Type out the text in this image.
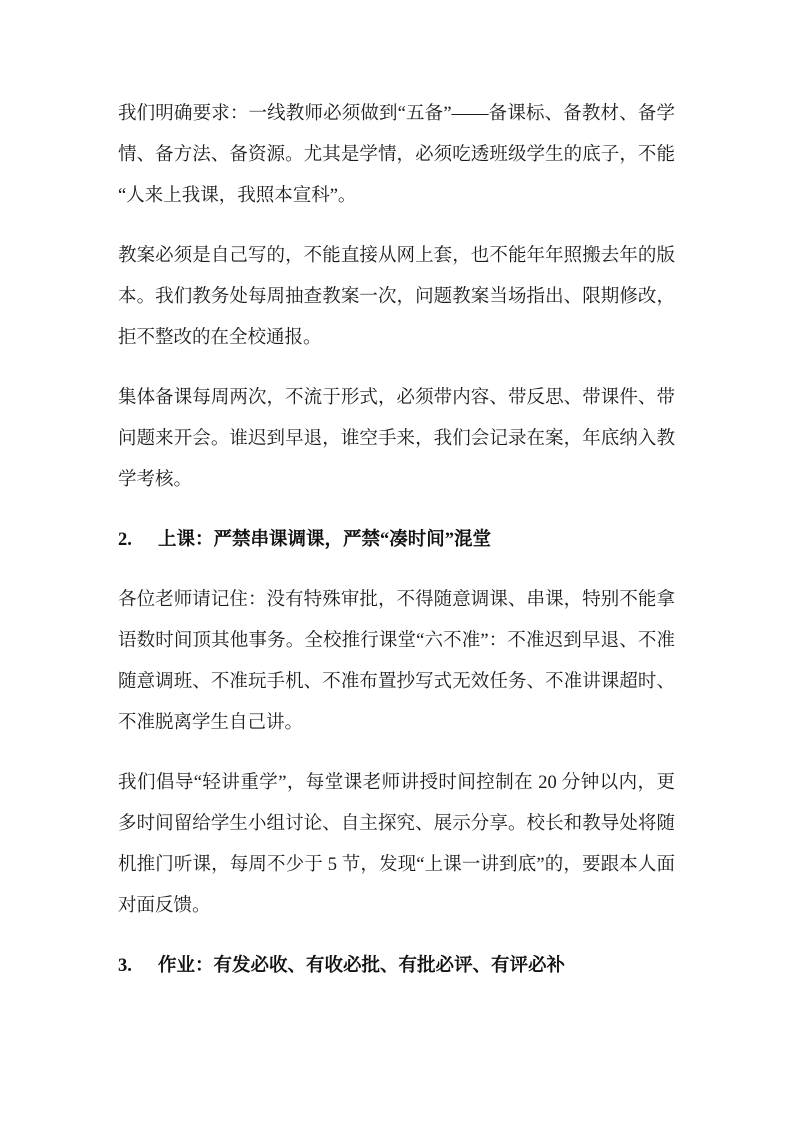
我们明确要求：一线教师必须做到“五备”——备课标、备教材、备学情、备方法、备资源。尤其是学情，必须吃透班级学生的底子，不能“人来上我课，我照本宣科”。

教案必须是自己写的，不能直接从网上套，也不能年年照搬去年的版本。我们教务处每周抽查教案一次，问题教案当场指出、限期修改，拒不整改的在全校通报。

集体备课每周两次，不流于形式，必须带内容、带反思、带课件、带问题来开会。谁迟到早退，谁空手来，我们会记录在案，年底纳入教学考核。

2. 上课：严禁串课调课，严禁“凑时间”混堂

各位老师请记住：没有特殊审批，不得随意调课、串课，特别不能拿语数时间顶其他事务。全校推行课堂“六不准”：不准迟到早退、不准随意调班、不准玩手机、不准布置抄写式无效任务、不准讲课超时、不准脱离学生自己讲。

我们倡导“轻讲重学”，每堂课老师讲授时间控制在 20 分钟以内，更多时间留给学生小组讨论、自主探究、展示分享。校长和教导处将随机推门听课，每周不少于 5 节，发现“上课一讲到底”的，要跟本人面对面反馈。

3. 作业：有发必收、有收必批、有批必评、有评必补
